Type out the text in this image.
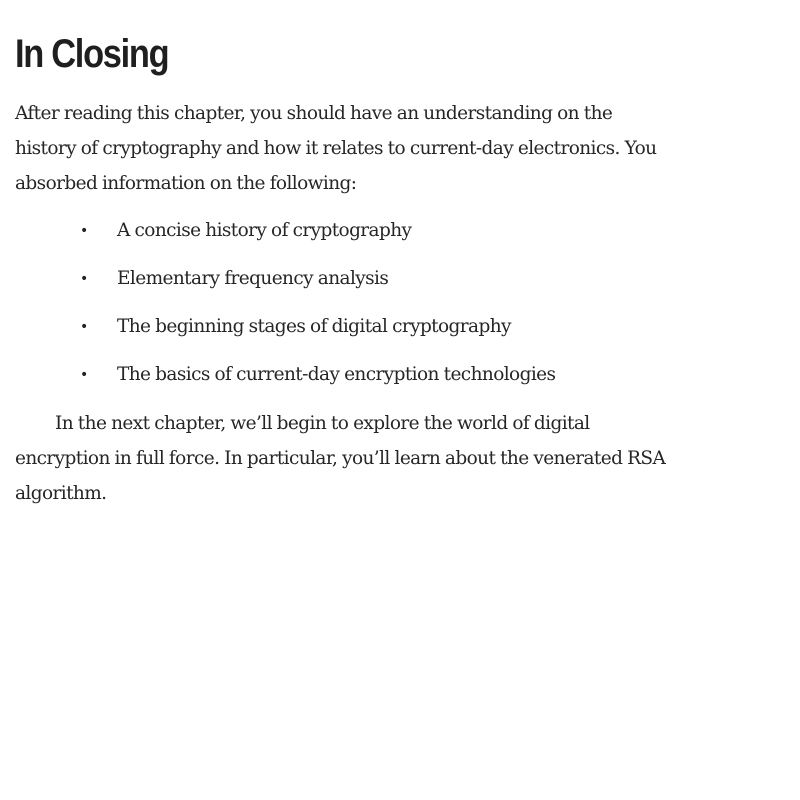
In Closing

After reading this chapter, you should have an understanding on the
history of cryptography and how it relates to current-day electronics. You
absorbed information on the following:

• A concise history of cryptography
• Elementary frequency analysis
• The beginning stages of digital cryptography
• The basics of current-day encryption technologies

In the next chapter, we’ll begin to explore the world of digital
encryption in full force. In particular, you’ll learn about the venerated RSA
algorithm.
